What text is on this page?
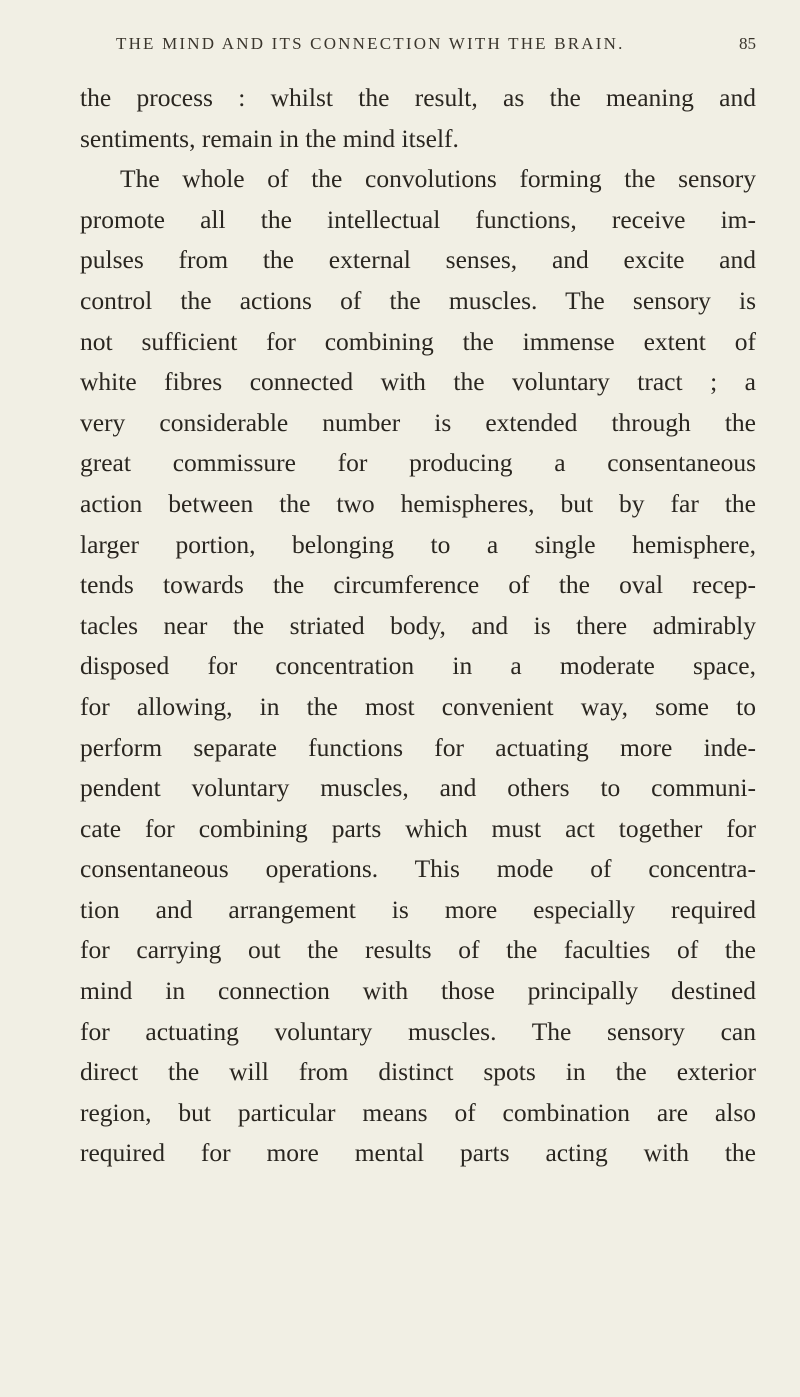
THE MIND AND ITS CONNECTION WITH THE BRAIN.	85
the process : whilst the result, as the meaning and
sentiments, remain in the mind itself.
The whole of the convolutions forming the sensory
promote all the intellectual functions, receive im-
pulses from the external senses, and excite and
control the actions of the muscles. The sensory is
not sufficient for combining the immense extent of
white fibres connected with the voluntary tract ; a
very considerable number is extended through the
great commissure for producing a consentaneous
action between the two hemispheres, but by far the
larger portion, belonging to a single hemisphere,
tends towards the circumference of the oval recep-
tacles near the striated body, and is there admirably
disposed for concentration in a moderate space,
for allowing, in the most convenient way, some to
perform separate functions for actuating more inde-
pendent voluntary muscles, and others to communi-
cate for combining parts which must act together for
consentaneous operations. This mode of concentra-
tion and arrangement is more especially required
for carrying out the results of the faculties of the
mind in connection with those principally destined
for actuating voluntary muscles. The sensory can
direct the will from distinct spots in the exterior
region, but particular means of combination are also
required for more mental parts acting with the
